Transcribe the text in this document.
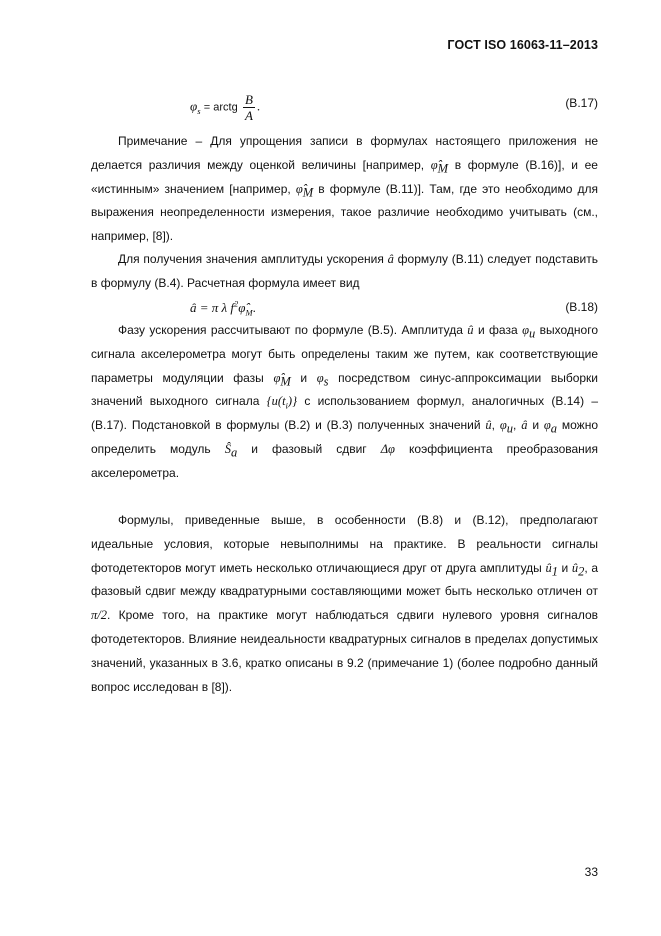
ГОСТ ISO 16063-11–2013
$\varphi_s$ = arctg $\frac{B}{A}$ .	(В.17)

Примечание – Для упрощения записи в формулах настоящего приложения не делается различия между оценкой величины [например, $\varphî_M$ в формуле (В.16)], и ее «истинным» значением [например, $\varphî_M$ в формуле (В.11)]. Там, где это необходимо для выражения неопределенности измерения, такое различие необходимо учитывать (см., например, [8]).

Для получения значения амплитуды ускорения â формулу (В.11) следует подставить в формулу (В.4). Расчетная формула имеет вид

â = π λ $f^2\varphî_M$.	(В.18)

Фазу ускорения рассчитывают по формуле (В.5). Амплитуда û и фаза $\varphi_u$ выходного сигнала акселерометра могут быть определены таким же путем, как соответствующие параметры модуляции фазы $\varphî_M$ и $\varphi_s$ посредством синус-аппроксимации выборки значений выходного сигнала $\{u(t_i)\}$ с использованием формул, аналогичных (В.14) – (В.17). Подстановкой в формулы (В.2) и (В.3) полученных значений û, $\varphi_u$, â и $\varphi_a$ можно определить модуль $Ŝ_a$ и фазовый сдвиг Δφ коэффициента преобразования акселерометра.

Формулы, приведенные выше, в особенности (В.8) и (В.12), предполагают идеальные условия, которые невыполнимы на практике. В реальности сигналы фотодетекторов могут иметь несколько отличающиеся друг от друга амплитуды $û_1$ и $û_2$, а фазовый сдвиг между квадратурными составляющими может быть несколько отличен от π/2. Кроме того, на практике могут наблюдаться сдвиги нулевого уровня сигналов фотодетекторов. Влияние неидеальности квадратурных сигналов в пределах допустимых значений, указанных в 3.6, кратко описаны в 9.2 (примечание 1) (более подробно данный вопрос исследован в [8]).

33
